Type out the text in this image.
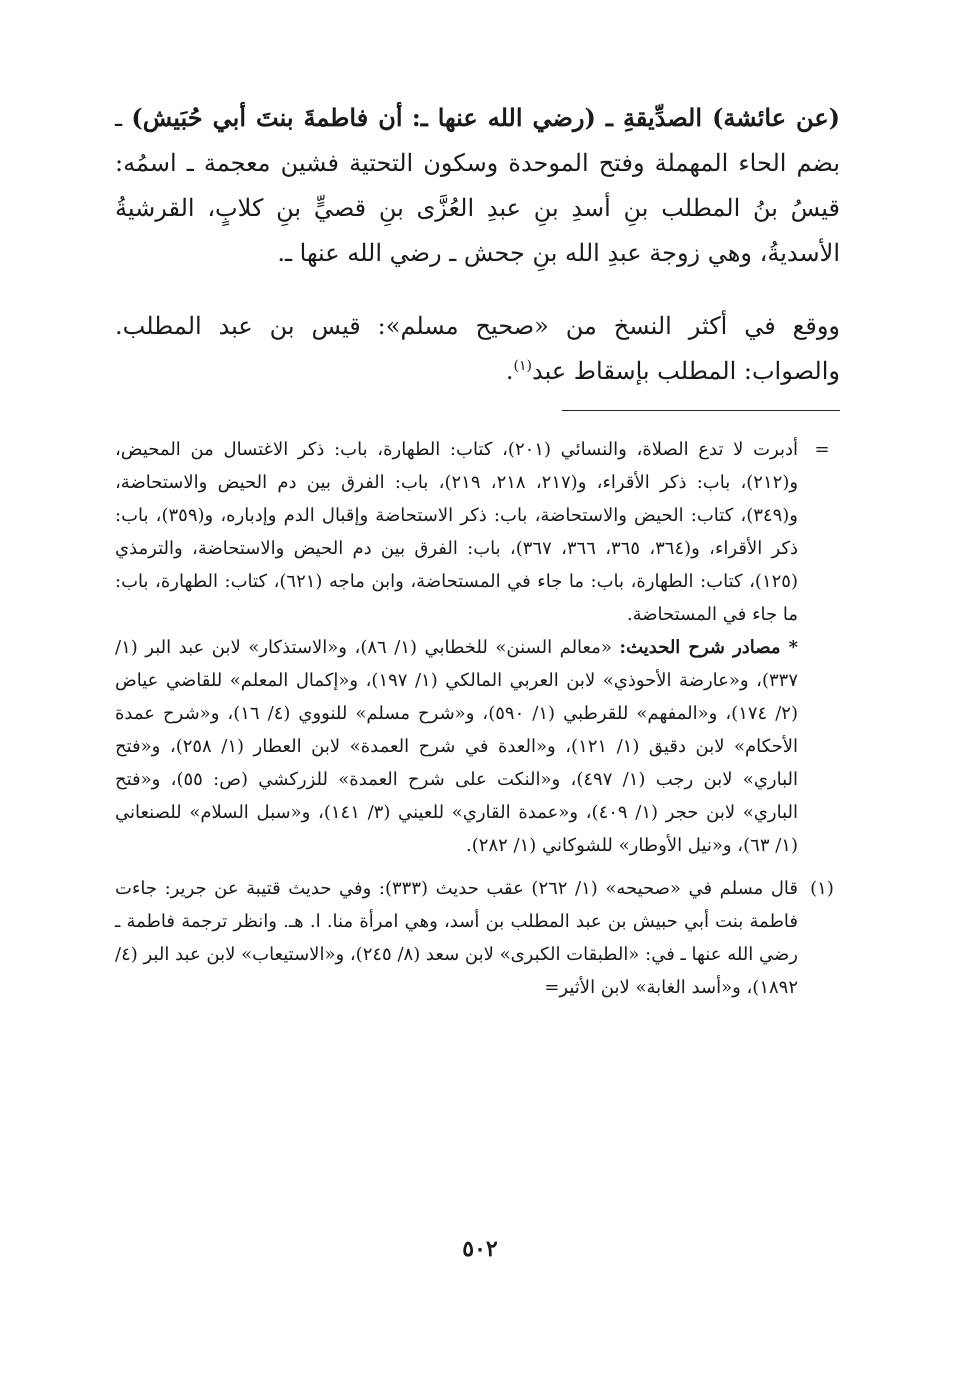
(عن عائشة) الصدِّيقةِ ـ (رضي الله عنها ـ: أن فاطمةَ بنتَ أبي حُبَيش) ـ بضم الحاء المهملة وفتح الموحدة وسكون التحتية فشين معجمة ـ اسمُه: قيسُ بنُ المطلب بنِ أسدِ بنِ عبدِ العُزَّى بنِ قصيٍّ بنِ كلابٍ، القرشيةُ الأسديةُ، وهي زوجة عبدِ الله بنِ جحش ـ رضي الله عنها ـ.

ووقع في أكثر النسخ من «صحيح مسلم»: قيس بن عبد المطلب. والصواب: المطلب بإسقاط عبد$^{(١)}$.

=

أدبرت لا تدع الصلاة، والنسائي (٢٠١)، كتاب: الطهارة، باب: ذكر الاغتسال من المحيض، و(٢١٢)، باب: ذكر الأقراء، و(٢١٧، ٢١٨، ٢١٩)، باب: الفرق بين دم الحيض والاستحاضة، و(٣٤٩)، كتاب: الحيض والاستحاضة، باب: ذكر الاستحاضة وإقبال الدم وإدباره، و(٣٥٩)، باب: ذكر الأقراء، و(٣٦٤، ٣٦٥، ٣٦٦، ٣٦٧)، باب: الفرق بين دم الحيض والاستحاضة، والترمذي (١٢٥)، كتاب: الطهارة، باب: ما جاء في المستحاضة، وابن ماجه (٦٢١)، كتاب: الطهارة، باب: ما جاء في المستحاضة.

* مصادر شرح الحديث: «معالم السنن» للخطابي (١/ ٨٦)، و«الاستذكار» لابن عبد البر (١/ ٣٣٧)، و«عارضة الأحوذي» لابن العربي المالكي (١/ ١٩٧)، و«إكمال المعلم» للقاضي عياض (٢/ ١٧٤)، و«المفهم» للقرطبي (١/ ٥٩٠)، و«شرح مسلم» للنووي (٤/ ١٦)، و«شرح عمدة الأحكام» لابن دقيق (١/ ١٢١)، و«العدة في شرح العمدة» لابن العطار (١/ ٢٥٨)، و«فتح الباري» لابن رجب (١/ ٤٩٧)، و«النكت على شرح العمدة» للزركشي (ص: ٥٥)، و«فتح الباري» لابن حجر (١/ ٤٠٩)، و«عمدة القاري» للعيني (٣/ ١٤١)، و«سبل السلام» للصنعاني (١/ ٦٣)، و«نيل الأوطار» للشوكاني (١/ ٢٨٢).

(١)

قال مسلم في «صحيحه» (١/ ٢٦٢) عقب حديث (٣٣٣): وفي حديث قتيبة عن جرير: جاءت فاطمة بنت أبي حبيش بن عبد المطلب بن أسد، وهي امرأة منا. ا. هـ. وانظر ترجمة فاطمة ـ رضي الله عنها ـ في: «الطبقات الكبرى» لابن سعد (٨/ ٢٤٥)، و«الاستيعاب» لابن عبد البر (٤/ ١٨٩٢)، و«أسد الغابة» لابن الأثير=

٥٠٢
